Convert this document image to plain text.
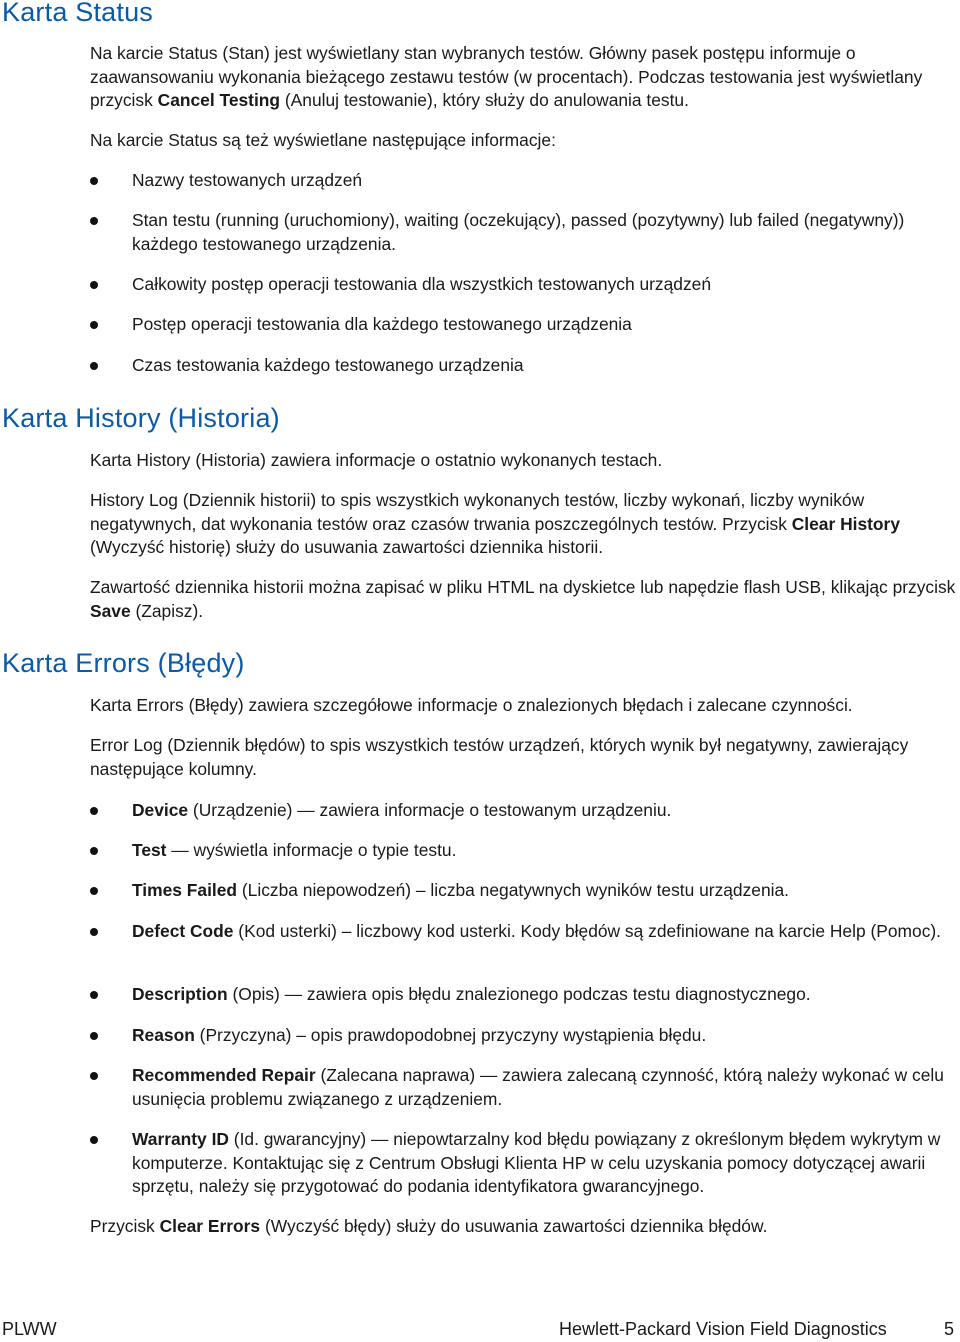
Karta Status

Na karcie Status (Stan) jest wyświetlany stan wybranych testów. Główny pasek postępu informuje o zaawansowaniu wykonania bieżącego zestawu testów (w procentach). Podczas testowania jest wyświetlany przycisk Cancel Testing (Anuluj testowanie), który służy do anulowania testu.

Na karcie Status są też wyświetlane następujące informacje:

Nazwy testowanych urządzeń
Stan testu (running (uruchomiony), waiting (oczekujący), passed (pozytywny) lub failed (negatywny)) każdego testowanego urządzenia.
Całkowity postęp operacji testowania dla wszystkich testowanych urządzeń
Postęp operacji testowania dla każdego testowanego urządzenia
Czas testowania każdego testowanego urządzenia
Karta History (Historia)

Karta History (Historia) zawiera informacje o ostatnio wykonanych testach.

History Log (Dziennik historii) to spis wszystkich wykonanych testów, liczby wykonań, liczby wyników negatywnych, dat wykonania testów oraz czasów trwania poszczególnych testów. Przycisk Clear History (Wyczyść historię) służy do usuwania zawartości dziennika historii.

Zawartość dziennika historii można zapisać w pliku HTML na dyskietce lub napędzie flash USB, klikając przycisk Save (Zapisz).

Karta Errors (Błędy)

Karta Errors (Błędy) zawiera szczegółowe informacje o znalezionych błędach i zalecane czynności.

Error Log (Dziennik błędów) to spis wszystkich testów urządzeń, których wynik był negatywny, zawierający następujące kolumny.

Device (Urządzenie) — zawiera informacje o testowanym urządzeniu.
Test — wyświetla informacje o typie testu.
Times Failed (Liczba niepowodzeń) – liczba negatywnych wyników testu urządzenia.
Defect Code (Kod usterki) – liczbowy kod usterki. Kody błędów są zdefiniowane na karcie Help (Pomoc).
Description (Opis) — zawiera opis błędu znalezionego podczas testu diagnostycznego.
Reason (Przyczyna) – opis prawdopodobnej przyczyny wystąpienia błędu.
Recommended Repair (Zalecana naprawa) — zawiera zalecaną czynność, którą należy wykonać w celu usunięcia problemu związanego z urządzeniem.
Warranty ID (Id. gwarancyjny) — niepowtarzalny kod błędu powiązany z określonym błędem wykrytym w komputerze. Kontaktując się z Centrum Obsługi Klienta HP w celu uzyskania pomocy dotyczącej awarii sprzętu, należy się przygotować do podania identyfikatora gwarancyjnego.

Przycisk Clear Errors (Wyczyść błędy) służy do usuwania zawartości dziennika błędów.

PLWW	Hewlett-Packard Vision Field Diagnostics	5
